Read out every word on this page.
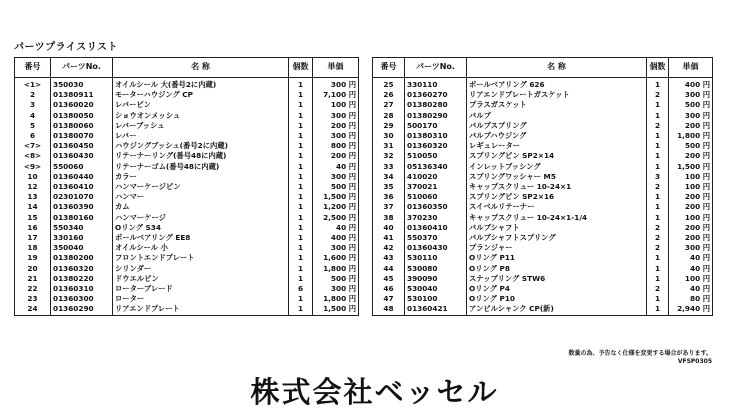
パーツプライスリスト
番号	パーツNo.	名 称	個数	単価
<1>	350030	オイルシール 大(番号2に内蔵)	1	300 円
2	01380911	モーターハウジング CP	1	7,100 円
3	01360020	レバーピン	1	100 円
4	01380050	ショウオンメッシュ	1	300 円
5	01380060	レバーブッシュ	1	200 円
6	01380070	レバー	1	300 円
<7>	01360450	ハウジングブッシュ(番号2に内蔵)	1	800 円
<8>	01360430	リテーナーリング(番号48に内蔵)	1	200 円
<9>	550060	リテーナーゴム(番号48に内蔵)	1	40 円
10	01360440	カラー	1	300 円
12	01360410	ハンマーケージピン	1	500 円
13	02301070	ハンマー	1	1,500 円
14	01360390	カム	1	1,200 円
15	01380160	ハンマーケージ	1	2,500 円
16	550340	Oリング S34	1	40 円
17	330160	ボールベアリング EE8	1	400 円
18	350040	オイルシール 小	1	300 円
19	01380200	フロントエンドプレート	1	1,600 円
20	01360320	シリンダー	1	1,800 円
21	01380220	ドウエルピン	1	500 円
22	01360310	ローターブレード	6	300 円
23	01360300	ローター	1	1,800 円
24	01360290	リアエンドプレート	1	1,500 円
番号	パーツNo.	名 称	個数	単価
25	330110	ボールベアリング 626	1	400 円
26	01360270	リアエンドプレートガスケット	2	300 円
27	01380280	プラスガスケット	1	500 円
28	01380290	バルブ	1	300 円
29	500170	バルブスプリング	2	200 円
30	01380310	バルブハウジング	1	1,800 円
31	01360320	レギュレーター	1	500 円
32	510050	スプリングピン SP2×14	1	200 円
33	05136340	インレットブッシング	1	1,500 円
34	410020	スプリングワッシャー M5	3	100 円
35	370021	キャップスクリュー 10-24×1	2	100 円
36	510060	スプリングピン SP2×16	1	200 円
37	01360350	スイベルリテーナー	1	200 円
38	370230	キャップスクリュー 10-24×1-1/4	1	100 円
40	01360410	バルブシャフト	2	200 円
41	550370	バルブシャフトスプリング	2	200 円
42	01360430	プランジャー	2	300 円
43	530110	Oリング P11	1	40 円
44	530080	Oリング P8	1	40 円
45	390090	スナップリング STW6	1	100 円
46	530040	Oリング P4	2	40 円
47	530100	Oリング P10	1	80 円
48	01360421	アンビルシャンク CP(新)	1	2,940 円
数量の為、予告なく仕様を変更する場合があります。
VFSP0305
株式会社ベッセル
